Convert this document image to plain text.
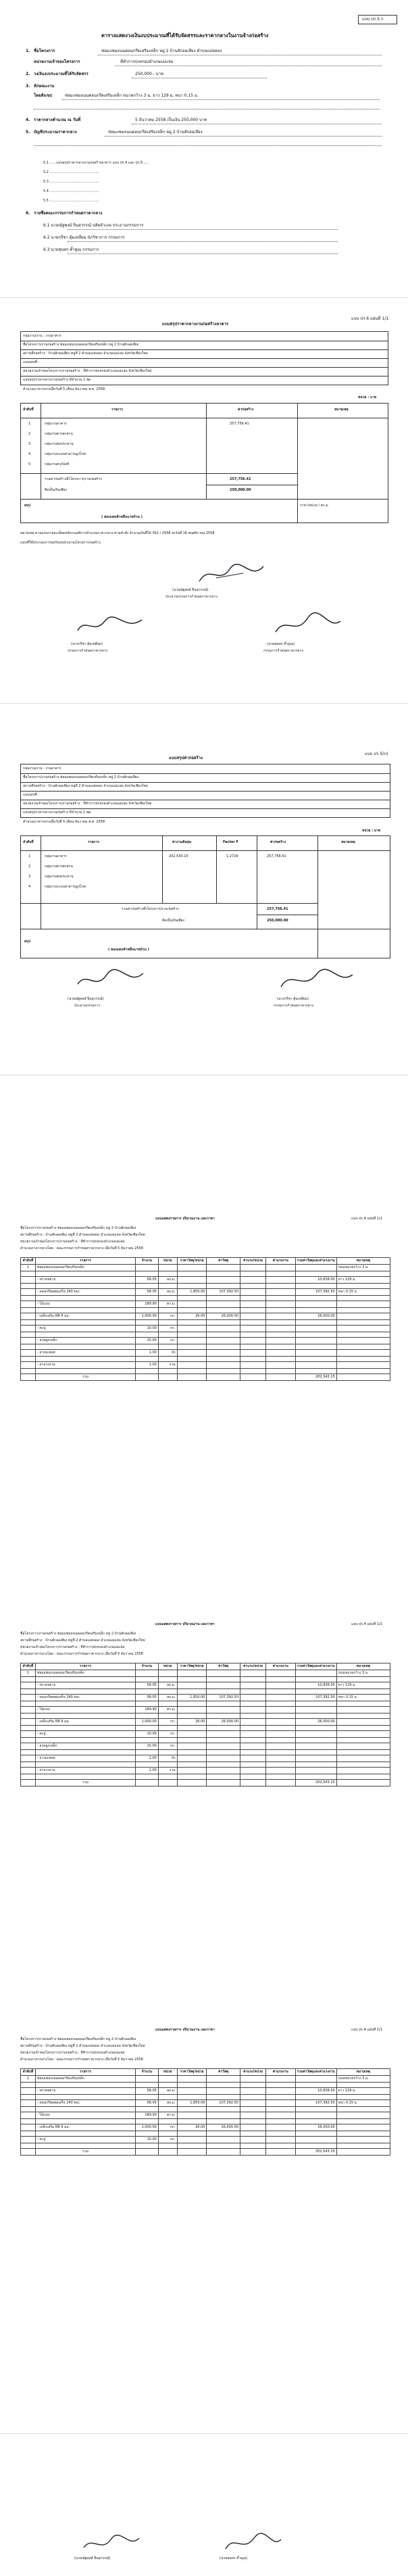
แบบ ปร.5 ก
ตารางแสดงวงเงินงบประมาณที่ได้รับจัดสรรและราคากลางในงานจ้างก่อสร้าง
1. ชื่อโครงการ	ซ่อมแซมถนนคอนกรีตเสริมเหล็ก หมู่ 2 บ้านสักลอเสียง ตำบลแม่หลอง
หน่วยงานเจ้าของโครงการ	ที่ทำการปกครองอำเภอแม่แจ่ม
2. วงเงินงบประมาณที่ได้รับจัดสรร	250,000.- บาท
3. ลักษณะงาน
โดยสังเขป	ซ่อมแซมถนนคอนกรีตเสริมเหล็ก ขนาดกว้าง 3 ม. ยาว 129 ม. หนา 0.15 ม.
4. ราคากลางคำนวณ ณ วันที่	5 ธันวาคม 2558 เป็นเงิน 250,000 บาท
5. บัญชีประมาณราคากลาง	ซ่อมแซมถนนคอนกรีตเสริมเหล็ก หมู่ 2 บ้านสักลอเสียง
5.1 ......แบบสรุปราคากลางงานก่อสร้างอาคาร แบบ ปร.4 และ ปร.5......
5.2 ..............................................
5.3 ..............................................
5.4 ..............................................
5.5 ..............................................
6. รายชื่อคณะกรรมการกำหนดราคากลาง
6.1 นายณัฐพงษ์ ปิ่นสุวรรณ์ ปลัดอำเภอ ประธานกรรมการ
6.2 นายกรีชา ตุ้มเหลี่ยม นักวิชาการ กรรมการ
6.3 นายสุนทร ค้ำคูณ กรรมการ
แบบ ปร.6 แผ่นที่ 1/1
แบบสรุปราคากลางงานก่อสร้างอาคาร
กลุ่มงาน/งาน : งานอาคาร
ชื่อโครงการ/งานก่อสร้าง ซ่อมแซมถนนคอนกรีตเสริมเหล็ก หมู่ 2 บ้านสักลอเสียง
สถานที่ก่อสร้าง : บ้านสักลอเสียง หมู่ที่ 2 ตำบลแม่หลอง อำเภอแม่แจ่ม จังหวัดเชียงใหม่
แบบเลขที่ :
หน่วยงานเจ้าของโครงการ/งานก่อสร้าง : ที่ทำการปกครองอำเภอแม่แจ่ม จังหวัดเชียงใหม่
แบบสรุปราคากลางงานก่อสร้าง มีจำนวน 1 ชุด
คำนวณราคากลางเมื่อวันที่ 5 เดือน ธันวาคม พ.ศ. 2558
หน่วย : บาท
ลำดับที่	รายการ	ค่าก่อสร้าง	หมายเหตุ
1	กลุ่มงานอาคาร	257,756.41
2	กลุ่มงานทางสะพาน
3	กลุ่มงานชลประทาน
4	กลุ่มงานระบบสาธารณูปโภค
5	กลุ่มงานครุภัณฑ์
รวมค่าก่อสร้างทั้งโครงการ/งานก่อสร้าง	257,756.41
คิดเป็นเงินเพียง	250,000.00
สรุป	ราคา/หน่วย / ตร.ม.
( สองแสนห้าหมื่นบาทถ้วน )
หมายเหตุ ตามแบบรายละเอียดหลักเกณฑ์การคำนวณราคากลาง ตามคำสั่ง จำนวนเงินที่ได้ 362 / 2558 ลงวันที่ 16 พฤศจิกายน 2558
แบบที่ใช้ประกอบการขอรับงบประมาณโครงการก่อสร้าง
(นายณัฐพงษ์ ปิ่นสุวรรณ์)
ประธานกรรมการกำหนดราคากลาง
(นางกรีชา ตุ้มเหลี่ยม)
กรรมการกำหนดราคากลาง
(นายสุนทร ค้ำคูณ)
กรรมการกำหนดราคากลาง
แบบ ปร.5(ก)
แบบสรุปค่าก่อสร้าง
กลุ่มงาน/งาน : งานอาคาร
ชื่อโครงการ/งานก่อสร้าง ซ่อมแซมถนนคอนกรีตเสริมเหล็ก หมู่ 2 บ้านสักลอเสียง
สถานที่ก่อสร้าง : บ้านสักลอเสียง หมู่ที่ 2 ตำบลแม่หลอง อำเภอแม่แจ่ม จังหวัดเชียงใหม่
แบบเลขที่ :
หน่วยงานเจ้าของโครงการ/งานก่อสร้าง : ที่ทำการปกครองอำเภอแม่แจ่ม จังหวัดเชียงใหม่
แบบสรุปราคากลางงานก่อสร้าง มีจำนวน 1 ชุด
คำนวณราคากลางเมื่อวันที่ 5 เดือน ธันวาคม พ.ศ. 2558
หน่วย : บาท
ลำดับที่	รายการ	ค่างานต้นทุน	Factor F	ค่าก่อสร้าง	หมายเหตุ
1	กลุ่มงานอาคาร	202,543.15	1.2726	257,756.41
2	กลุ่มงานทางสะพาน
3	กลุ่มงานชลประทาน
4	กลุ่มงานระบบสาธารณูปโภค
รวมค่าก่อสร้างทั้งโครงการ/งานก่อสร้าง	257,756.41
คิดเป็นเงินเพียง	250,000.00
สรุป
( สองแสนห้าหมื่นบาทถ้วน )
(นายณัฐพงษ์ ปิ่นสุวรรณ์)
ประธานกรรมการ
(นางกรีชา ตุ้มเหลี่ยม)
กรรมการกำหนดราคากลาง
แบบแสดงรายการ ปริมาณงาน และราคา	แบบ ปร.4 แผ่นที่ 1/1
ชื่อโครงการ/งานก่อสร้าง ซ่อมแซมถนนคอนกรีตเสริมเหล็ก หมู่ 2 บ้านสักลอเสียง
สถานที่ก่อสร้าง : บ้านสักลอเสียง หมู่ที่ 2 ตำบลแม่หลอง อำเภอแม่แจ่ม จังหวัดเชียงใหม่
หน่วยงานเจ้าของโครงการ/งานก่อสร้าง : ที่ทำการปกครองอำเภอแม่แจ่ม
คำนวณราคากลางโดย : คณะกรรมการกำหนดราคากลาง เมื่อวันที่ 5 ธันวาคม 2558
ลำดับที่	รายการ	จำนวน	หน่วย	ราคาวัสดุ/หน่วย	ค่าวัสดุ	ค่าแรง/หน่วย	ค่าแรงงาน	รวมค่าวัสดุและค่าแรงงาน	หมายเหตุ
1	ซ่อมแซมถนนคอนกรีตเสริมเหล็ก								ถนนขนาดกว้าง 3 ม.

	- ทรายหยาบ	58.05	ลบ.ม.					10,838.00	ยาว 129 ม.

	- คอนกรีตผสมเสร็จ 240 ksc.	58.05	ลบ.ม.	1,850.00	107,392.50			107,392.50	หนา 0.15 ม.

	- ไม้แบบ	189.90	ตร.ม.						

	- เหล็กเสริม RB 9 มม.	1,000.00	กก.	26.00	26,000.00			26,000.00	

	- ตะปู	10.00	กก.						

	- ลวดผูกเหล็ก	15.00	กก.						

	- ยางมะตอย	1.00	ถัง						

	- ค่าแรงงาน	1.00	งาน						

	รวม							202,543.15	
แบบแสดงรายการ ปริมาณงาน และราคา	แบบ ปร.4 แผ่นที่ 1/1
ชื่อโครงการ/งานก่อสร้าง ซ่อมแซมถนนคอนกรีตเสริมเหล็ก หมู่ 2 บ้านสักลอเสียง
สถานที่ก่อสร้าง : บ้านสักลอเสียง หมู่ที่ 2 ตำบลแม่หลอง อำเภอแม่แจ่ม จังหวัดเชียงใหม่
หน่วยงานเจ้าของโครงการ/งานก่อสร้าง : ที่ทำการปกครองอำเภอแม่แจ่ม
คำนวณราคากลางโดย : คณะกรรมการกำหนดราคากลาง เมื่อวันที่ 5 ธันวาคม 2558
ลำดับที่	รายการ	จำนวน	หน่วย	ราคาวัสดุ/หน่วย	ค่าวัสดุ	ค่าแรง/หน่วย	ค่าแรงงาน	รวมค่าวัสดุและค่าแรงงาน	หมายเหตุ
1	ซ่อมแซมถนนคอนกรีตเสริมเหล็ก								ถนนขนาดกว้าง 3 ม.

	- ทรายหยาบ	58.05	ลบ.ม.					10,838.00	ยาว 129 ม.

	- คอนกรีตผสมเสร็จ 240 ksc.	58.05	ลบ.ม.	1,850.00	107,392.50			107,392.50	หนา 0.15 ม.

	- ไม้แบบ	189.90	ตร.ม.						

	- เหล็กเสริม RB 9 มม.	1,000.00	กก.	26.00	26,000.00			26,000.00	

	- ตะปู	10.00	กก.						

	- ลวดผูกเหล็ก	15.00	กก.						

	- ยางมะตอย	1.00	ถัง						

	- ค่าแรงงาน	1.00	งาน						

	รวม							202,543.15	
แบบแสดงรายการ ปริมาณงาน และราคา	แบบ ปร.4 แผ่นที่ 1/1
ชื่อโครงการ/งานก่อสร้าง ซ่อมแซมถนนคอนกรีตเสริมเหล็ก หมู่ 2 บ้านสักลอเสียง
สถานที่ก่อสร้าง : บ้านสักลอเสียง หมู่ที่ 2 ตำบลแม่หลอง อำเภอแม่แจ่ม จังหวัดเชียงใหม่
หน่วยงานเจ้าของโครงการ/งานก่อสร้าง : ที่ทำการปกครองอำเภอแม่แจ่ม
คำนวณราคากลางโดย : คณะกรรมการกำหนดราคากลาง เมื่อวันที่ 5 ธันวาคม 2558
ลำดับที่	รายการ	จำนวน	หน่วย	ราคาวัสดุ/หน่วย	ค่าวัสดุ	ค่าแรง/หน่วย	ค่าแรงงาน	รวมค่าวัสดุและค่าแรงงาน	หมายเหตุ
1	ซ่อมแซมถนนคอนกรีตเสริมเหล็ก								ถนนขนาดกว้าง 3 ม.

	- ทรายหยาบ	58.05	ลบ.ม.					10,838.00	ยาว 129 ม.

	- คอนกรีตผสมเสร็จ 240 ksc.	58.05	ลบ.ม.	1,850.00	107,392.50			107,392.50	หนา 0.15 ม.

	- ไม้แบบ	189.90	ตร.ม.						

	- เหล็กเสริม RB 9 มม.	1,000.00	กก.	26.00	26,000.00			26,000.00	

	- ตะปู	10.00	กก.						

	รวม							202,543.15	
(นายณัฐพงษ์ ปิ่นสุวรรณ์)	(นายสุนทร ค้ำคูณ)
